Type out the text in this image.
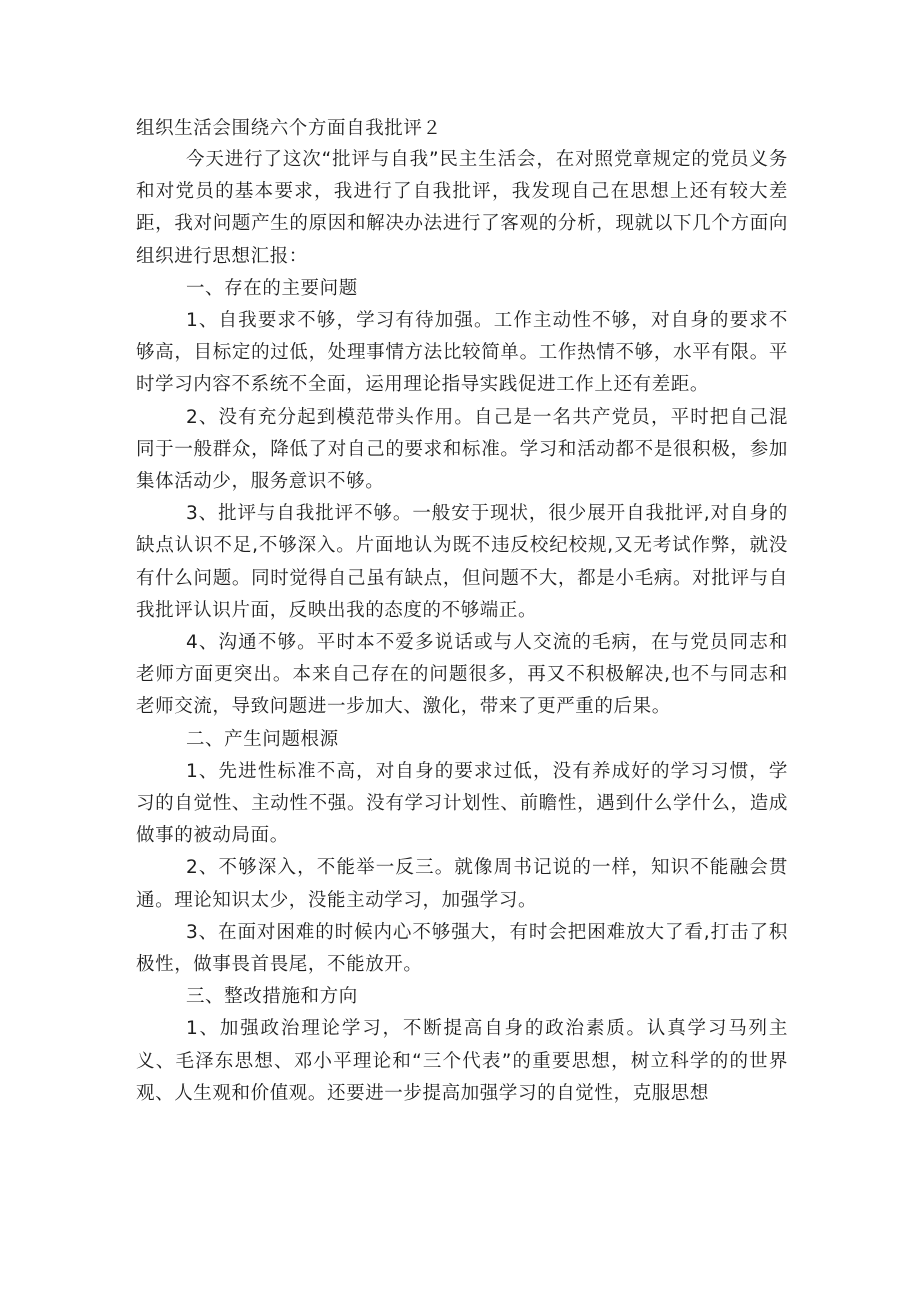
组织生活会围绕六个方面自我批评２

今天进行了这次“批评与自我”民主生活会，在对照党章规定的党员义务和对党员的基本要求，我进行了自我批评，我发现自己在思想上还有较大差距，我对问题产生的原因和解决办法进行了客观的分析，现就以下几个方面向组织进行思想汇报：

一、存在的主要问题

1、自我要求不够，学习有待加强。工作主动性不够，对自身的要求不够高，目标定的过低，处理事情方法比较简单。工作热情不够，水平有限。平时学习内容不系统不全面，运用理论指导实践促进工作上还有差距。

2、没有充分起到模范带头作用。自己是一名共产党员，平时把自己混同于一般群众，降低了对自己的要求和标准。学习和活动都不是很积极，参加集体活动少，服务意识不够。

3、批评与自我批评不够。一般安于现状，很少展开自我批评,对自身的缺点认识不足,不够深入。片面地认为既不违反校纪校规,又无考试作弊，就没有什么问题。同时觉得自己虽有缺点，但问题不大，都是小毛病。对批评与自我批评认识片面，反映出我的态度的不够端正。

4、沟通不够。平时本不爱多说话或与人交流的毛病，在与党员同志和老师方面更突出。本来自己存在的问题很多，再又不积极解决,也不与同志和老师交流，导致问题进一步加大、激化，带来了更严重的后果。

二、产生问题根源

1、先进性标准不高，对自身的要求过低，没有养成好的学习习惯，学习的自觉性、主动性不强。没有学习计划性、前瞻性，遇到什么学什么，造成做事的被动局面。

2、不够深入，不能举一反三。就像周书记说的一样，知识不能融会贯通。理论知识太少，没能主动学习，加强学习。

3、在面对困难的时候内心不够强大，有时会把困难放大了看,打击了积极性，做事畏首畏尾，不能放开。

三、整改措施和方向

1、加强政治理论学习，不断提高自身的政治素质。认真学习马列主义、毛泽东思想、邓小平理论和“三个代表”的重要思想，树立科学的的世界观、人生观和价值观。还要进一步提高加强学习的自觉性，克服思想
